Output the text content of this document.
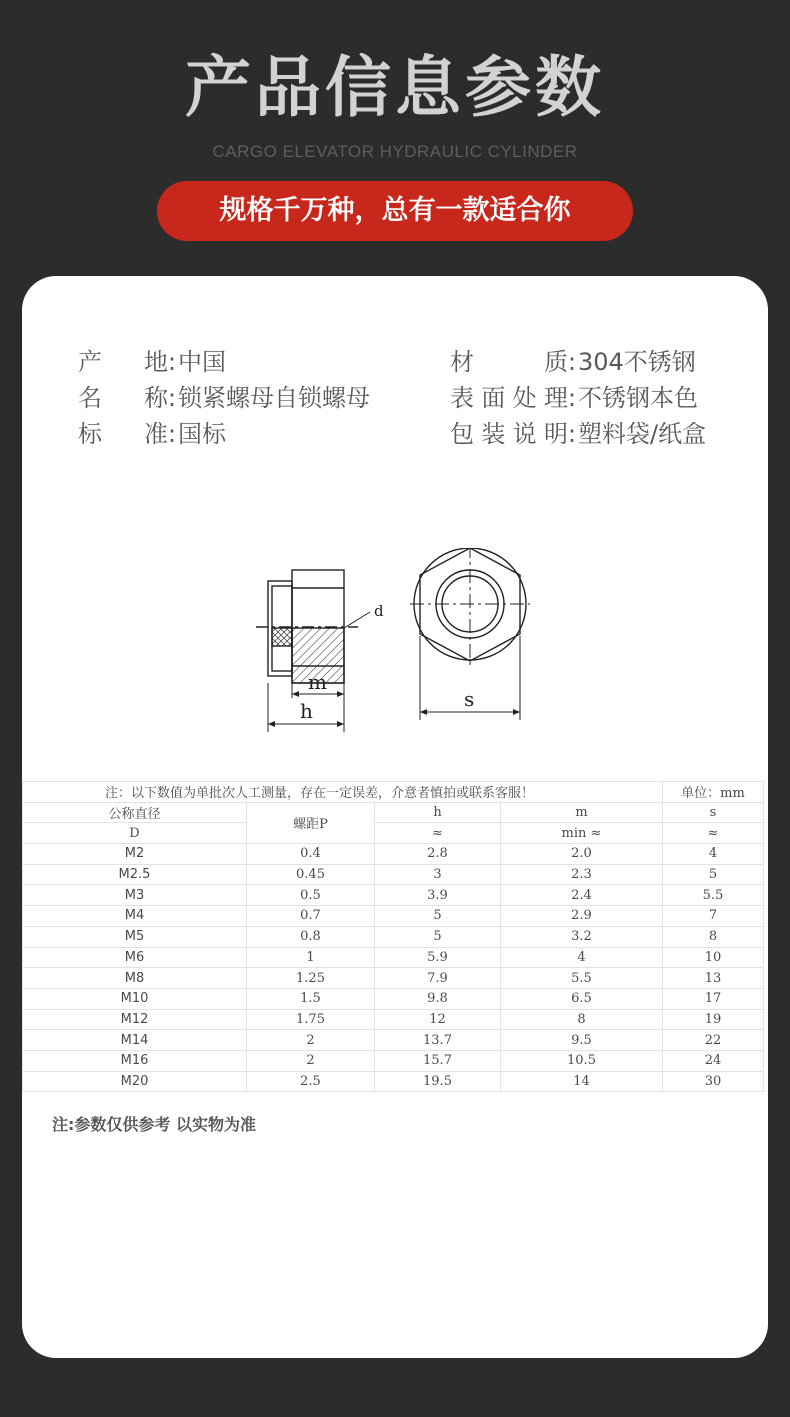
产品信息参数
CARGO ELEVATOR HYDRAULIC CYLINDER
规格千万种，总有一款适合你
产地:中国
名称:锁紧螺母自锁螺母
标准:国标
材质:304不锈钢
表面处理:不锈钢本色
包装说明:塑料袋/纸盒
d
m
h	s
注：以下数值为单批次人工测量，存在一定误差，介意者慎拍或联系客服！				单位：mm
公称直径	螺距P	h	m	s
D		≈	min ≈	≈
M2	0.4	2.8	2.0	4
M2.5	0.45	3	2.3	5
M3	0.5	3.9	2.4	5.5
M4	0.7	5	2.9	7
M5	0.8	5	3.2	8
M6	1	5.9	4	10
M8	1.25	7.9	5.5	13
M10	1.5	9.8	6.5	17
M12	1.75	12	8	19
M14	2	13.7	9.5	22
M16	2	15.7	10.5	24
M20	2.5	19.5	14	30
注:参数仅供参考 以实物为准
